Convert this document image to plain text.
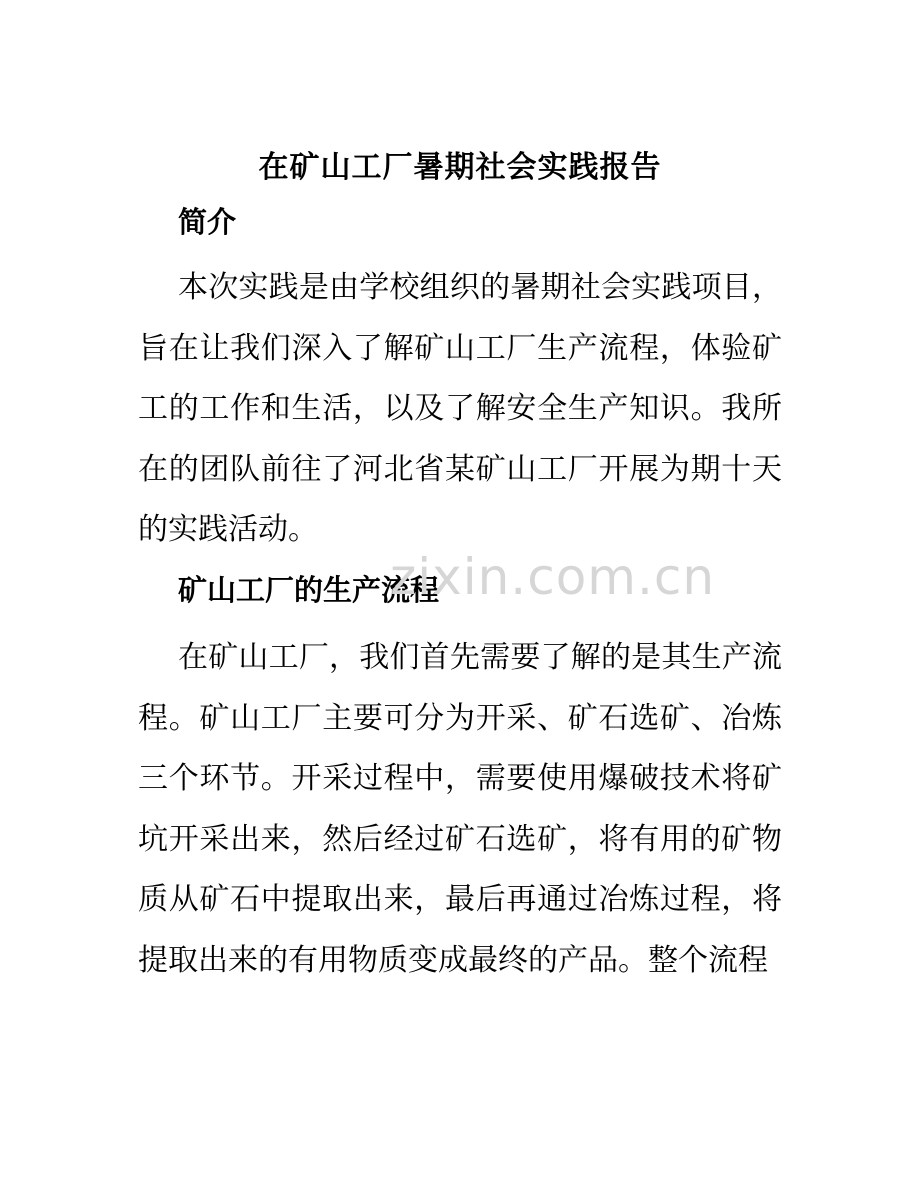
在矿山工厂暑期社会实践报告
简介

本次实践是由学校组织的暑期社会实践项目，旨在让我们深入了解矿山工厂生产流程，体验矿工的工作和生活，以及了解安全生产知识。我所在的团队前往了河北省某矿山工厂开展为期十天的实践活动。

矿山工厂的生产流程

在矿山工厂，我们首先需要了解的是其生产流程。矿山工厂主要可分为开采、矿石选矿、冶炼三个环节。开采过程中，需要使用爆破技术将矿坑开采出来，然后经过矿石选矿，将有用的矿物质从矿石中提取出来，最后再通过冶炼过程，将提取出来的有用物质变成最终的产品。整个流程

zixin.com.cn
